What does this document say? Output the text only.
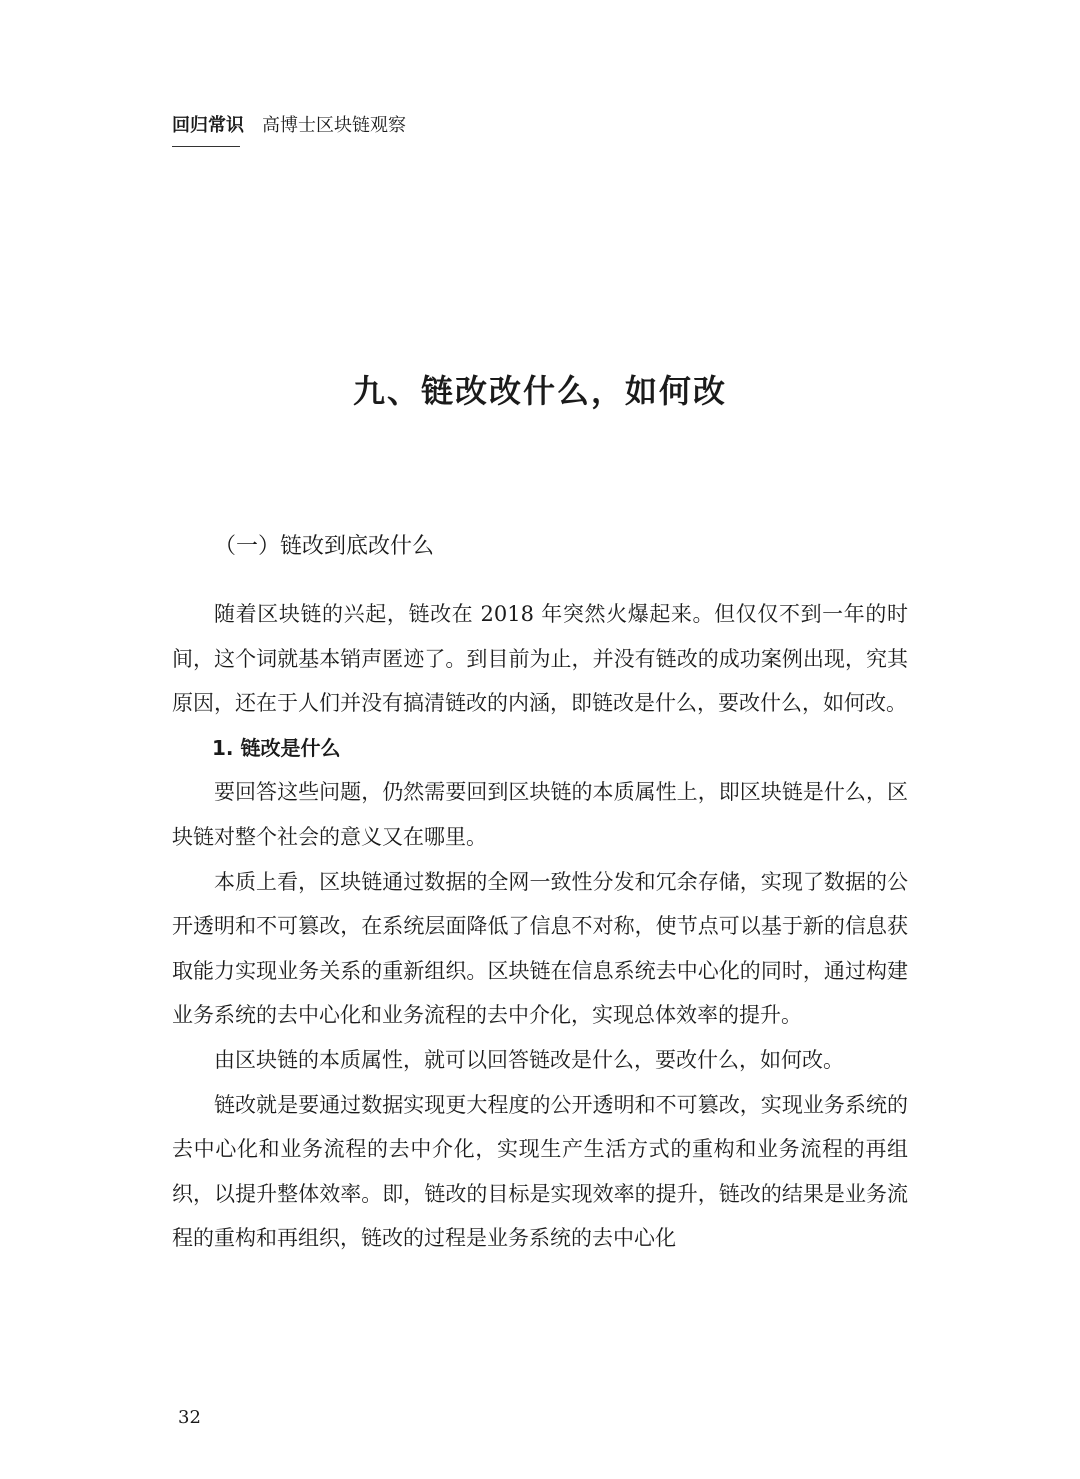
回归常识 高博士区块链观察
九、链改改什么，如何改
（一）链改到底改什么

随着区块链的兴起，链改在 2018 年突然火爆起来。但仅仅不到一年的时间，这个词就基本销声匿迹了。到目前为止，并没有链改的成功案例出现，究其原因，还在于人们并没有搞清链改的内涵，即链改是什么，要改什么，如何改。

1. 链改是什么

要回答这些问题，仍然需要回到区块链的本质属性上，即区块链是什么，区块链对整个社会的意义又在哪里。

本质上看，区块链通过数据的全网一致性分发和冗余存储，实现了数据的公开透明和不可篡改，在系统层面降低了信息不对称，使节点可以基于新的信息获取能力实现业务关系的重新组织。区块链在信息系统去中心化的同时，通过构建业务系统的去中心化和业务流程的去中介化，实现总体效率的提升。

由区块链的本质属性，就可以回答链改是什么，要改什么，如何改。

链改就是要通过数据实现更大程度的公开透明和不可篡改，实现业务系统的去中心化和业务流程的去中介化，实现生产生活方式的重构和业务流程的再组织，以提升整体效率。即，链改的目标是实现效率的提升，链改的结果是业务流程的重构和再组织，链改的过程是业务系统的去中心化

32
